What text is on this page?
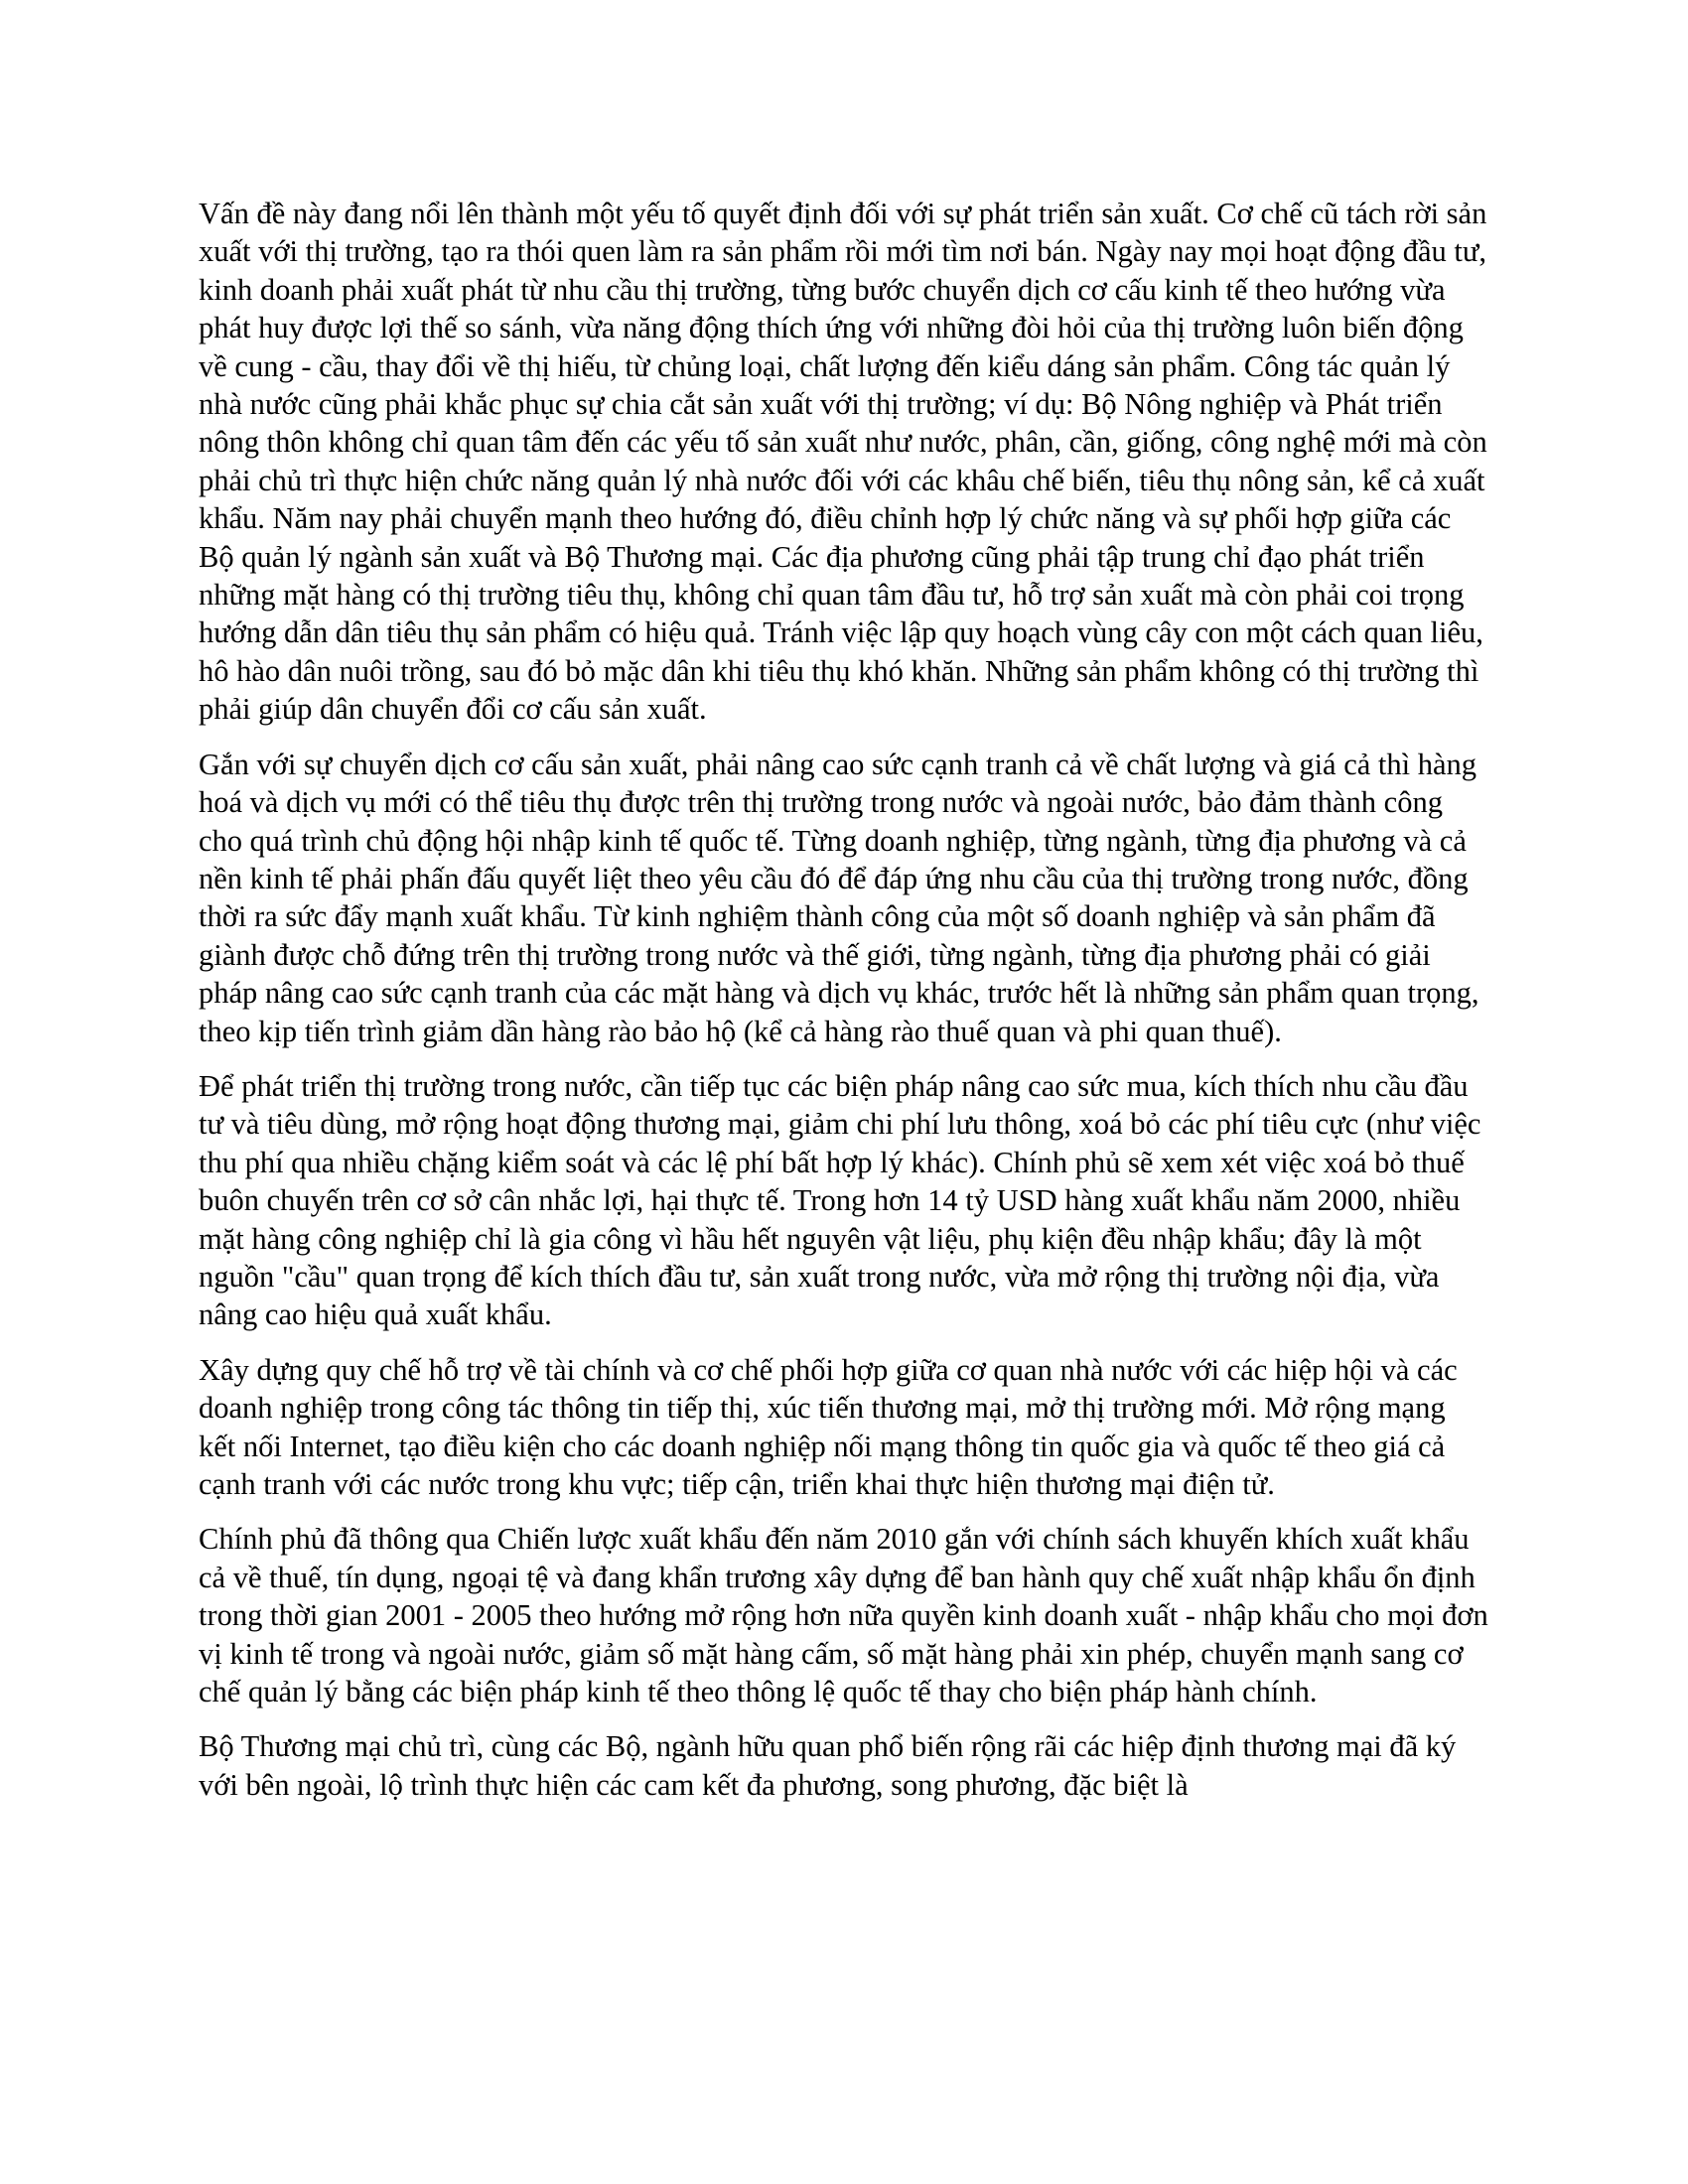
Vấn đề này đang nổi lên thành một yếu tố quyết định đối với sự phát triển sản xuất. Cơ chế cũ tách rời sản xuất với thị trường, tạo ra thói quen làm ra sản phẩm rồi mới tìm nơi bán. Ngày nay mọi hoạt động đầu tư, kinh doanh phải xuất phát từ nhu cầu thị trường, từng bước chuyển dịch cơ cấu kinh tế theo hướng vừa phát huy được lợi thế so sánh, vừa năng động thích ứng với những đòi hỏi của thị trường luôn biến động về cung - cầu, thay đổi về thị hiếu, từ chủng loại, chất lượng đến kiểu dáng sản phẩm. Công tác quản lý nhà nước cũng phải khắc phục sự chia cắt sản xuất với thị trường; ví dụ: Bộ Nông nghiệp và Phát triển nông thôn không chỉ quan tâm đến các yếu tố sản xuất như nước, phân, cần, giống, công nghệ mới mà còn phải chủ trì thực hiện chức năng quản lý nhà nước đối với các khâu chế biến, tiêu thụ nông sản, kể cả xuất khẩu. Năm nay phải chuyển mạnh theo hướng đó, điều chỉnh hợp lý chức năng và sự phối hợp giữa các Bộ quản lý ngành sản xuất và Bộ Thương mại. Các địa phương cũng phải tập trung chỉ đạo phát triển những mặt hàng có thị trường tiêu thụ, không chỉ quan tâm đầu tư, hỗ trợ sản xuất mà còn phải coi trọng hướng dẫn dân tiêu thụ sản phẩm có hiệu quả. Tránh việc lập quy hoạch vùng cây con một cách quan liêu, hô hào dân nuôi trồng, sau đó bỏ mặc dân khi tiêu thụ khó khăn. Những sản phẩm không có thị trường thì phải giúp dân chuyển đổi cơ cấu sản xuất.

Gắn với sự chuyển dịch cơ cấu sản xuất, phải nâng cao sức cạnh tranh cả về chất lượng và giá cả thì hàng hoá và dịch vụ mới có thể tiêu thụ được trên thị trường trong nước và ngoài nước, bảo đảm thành công cho quá trình chủ động hội nhập kinh tế quốc tế. Từng doanh nghiệp, từng ngành, từng địa phương và cả nền kinh tế phải phấn đấu quyết liệt theo yêu cầu đó để đáp ứng nhu cầu của thị trường trong nước, đồng thời ra sức đẩy mạnh xuất khẩu. Từ kinh nghiệm thành công của một số doanh nghiệp và sản phẩm đã giành được chỗ đứng trên thị trường trong nước và thế giới, từng ngành, từng địa phương phải có giải pháp nâng cao sức cạnh tranh của các mặt hàng và dịch vụ khác, trước hết là những sản phẩm quan trọng, theo kịp tiến trình giảm dần hàng rào bảo hộ (kể cả hàng rào thuế quan và phi quan thuế).

Để phát triển thị trường trong nước, cần tiếp tục các biện pháp nâng cao sức mua, kích thích nhu cầu đầu tư và tiêu dùng, mở rộng hoạt động thương mại, giảm chi phí lưu thông, xoá bỏ các phí tiêu cực (như việc thu phí qua nhiều chặng kiểm soát và các lệ phí bất hợp lý khác). Chính phủ sẽ xem xét việc xoá bỏ thuế buôn chuyến trên cơ sở cân nhắc lợi, hại thực tế. Trong hơn 14 tỷ USD hàng xuất khẩu năm 2000, nhiều mặt hàng công nghiệp chỉ là gia công vì hầu hết nguyên vật liệu, phụ kiện đều nhập khẩu; đây là một nguồn "cầu" quan trọng để kích thích đầu tư, sản xuất trong nước, vừa mở rộng thị trường nội địa, vừa nâng cao hiệu quả xuất khẩu.

Xây dựng quy chế hỗ trợ về tài chính và cơ chế phối hợp giữa cơ quan nhà nước với các hiệp hội và các doanh nghiệp trong công tác thông tin tiếp thị, xúc tiến thương mại, mở thị trường mới. Mở rộng mạng kết nối Internet, tạo điều kiện cho các doanh nghiệp nối mạng thông tin quốc gia và quốc tế theo giá cả cạnh tranh với các nước trong khu vực; tiếp cận, triển khai thực hiện thương mại điện tử.

Chính phủ đã thông qua Chiến lược xuất khẩu đến năm 2010 gắn với chính sách khuyến khích xuất khẩu cả về thuế, tín dụng, ngoại tệ và đang khẩn trương xây dựng để ban hành quy chế xuất nhập khẩu ổn định trong thời gian 2001 - 2005 theo hướng mở rộng hơn nữa quyền kinh doanh xuất - nhập khẩu cho mọi đơn vị kinh tế trong và ngoài nước, giảm số mặt hàng cấm, số mặt hàng phải xin phép, chuyển mạnh sang cơ chế quản lý bằng các biện pháp kinh tế theo thông lệ quốc tế thay cho biện pháp hành chính.

Bộ Thương mại chủ trì, cùng các Bộ, ngành hữu quan phổ biến rộng rãi các hiệp định thương mại đã ký với bên ngoài, lộ trình thực hiện các cam kết đa phương, song phương, đặc biệt là
